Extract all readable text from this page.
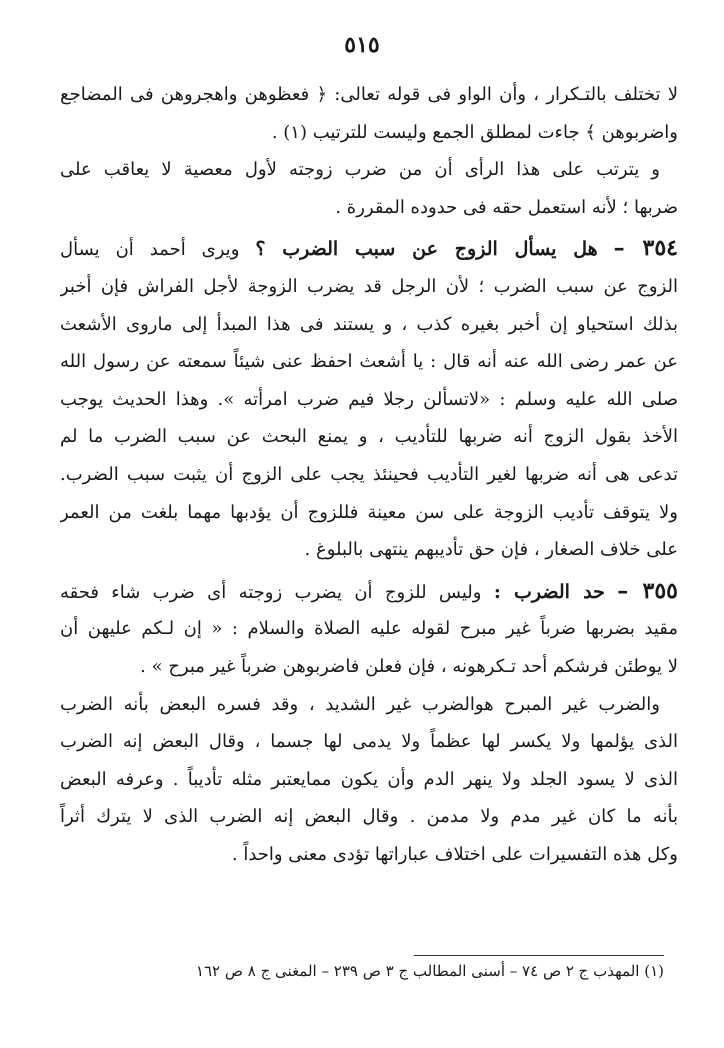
٥١٥
لا تختلف بالتـكرار ، وأن الواو فى قوله تعالى: ﴿ فعظوهن واهجروهن فى المضاجع
واضربوهن ﴾ جاءت لمطلق الجمع وليست للترتيب (١) .
و يترتب على هذا الرأى أن من ضرب زوجته لأول معصية لا يعاقب على
ضربها ؛ لأنه استعمل حقه فى حدوده المقررة .
٣٥٤ – هل يسأل الزوج عن سبب الضرب ؟ ويرى أحمد أن يسأل
الزوج عن سبب الضرب ؛ لأن الرجل قد يضرب الزوجة لأجل الفراش فإن أخبر
بذلك استحياو إن أخبر بغيره كذب ، و يستند فى هذا المبدأ إلى ماروى الأشعث
عن عمر رضى الله عنه أنه قال : يا أشعث احفظ عنى شيئاً سمعته عن رسول الله
صلى الله عليه وسلم : «لاتسألن رجلا فيم ضرب امرأته ». وهذا الحديث يوجب
الأخذ بقول الزوج أنه ضربها للتأديب ، و يمنع البحث عن سبب الضرب ما لم
تدعى هى أنه ضربها لغير التأديب فحينئذ يجب على الزوج أن يثبت سبب الضرب.
ولا يتوقف تأديب الزوجة على سن معينة فللزوج أن يؤدبها مهما بلغت من العمر
على خلاف الصغار ، فإن حق تأديبهم ينتهى بالبلوغ .
٣٥٥ – حد الضرب : وليس للزوج أن يضرب زوجته أى ضرب شاء فحقه
مقيد بضربها ضرباً غير مبرح لقوله عليه الصلاة والسلام : « إن لـكم عليهن أن
لا يوطئن فرشكم أحد تـكرهونه ، فإن فعلن فاضربوهن ضرباً غير مبرح » .
والضرب غير المبرح هوالضرب غير الشديد ، وقد فسره البعض بأنه الضرب
الذى يؤلمها ولا يكسر لها عظماً ولا يدمى لها جسما ، وقال البعض إنه الضرب
الذى لا يسود الجلد ولا ينهر الدم وأن يكون ممايعتبر مثله تأديباً . وعرفه البعض
بأنه ما كان غير مدم ولا مدمن . وقال البعض إنه الضرب الذى لا يترك أثراً
وكل هذه التفسيرات على اختلاف عباراتها تؤدى معنى واحداً .
(١) المهذب ج ٢ ص ٧٤ – أسنى المطالب ج ٣ ص ٢٣٩ – المغنى ج ٨ ص ١٦٢
